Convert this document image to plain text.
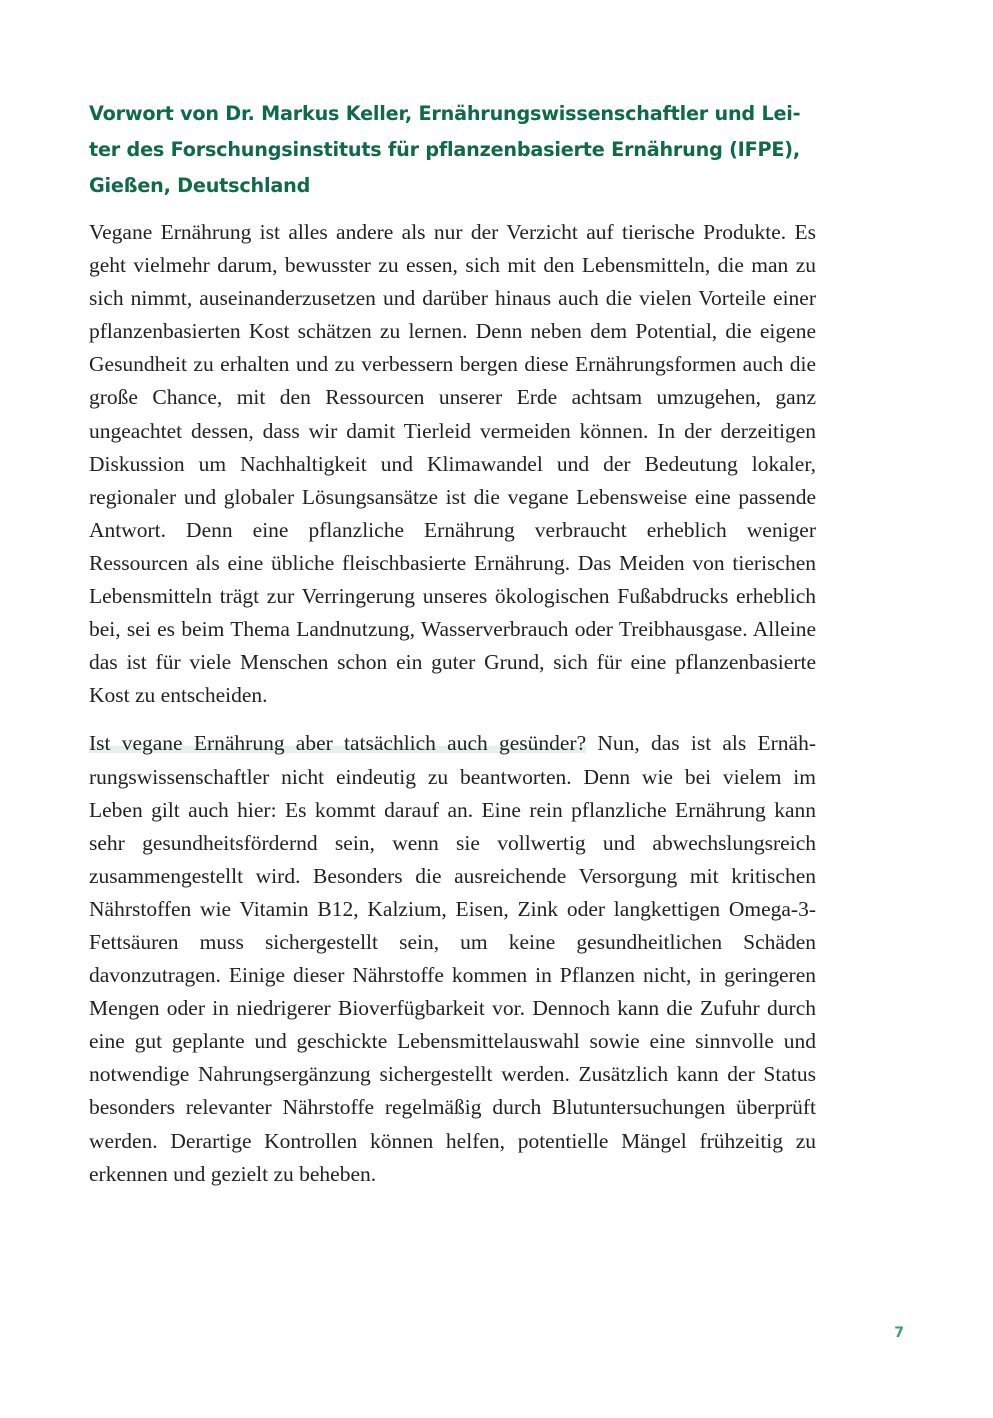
Vorwort von Dr. Markus Keller, Ernährungswissenschaftler und Leiter des Forschungsinstituts für pflanzenbasierte Ernährung (IFPE), Gießen, Deutschland

Vegane Ernährung ist alles andere als nur der Verzicht auf tierische Produkte. Es geht vielmehr darum, bewusster zu essen, sich mit den Lebensmitteln, die man zu sich nimmt, auseinanderzusetzen und darüber hinaus auch die vielen Vorteile einer pflanzenbasierten Kost schätzen zu lernen. Denn neben dem Potential, die eigene Gesundheit zu erhalten und zu verbessern bergen diese Ernährungsformen auch die große Chance, mit den Ressourcen unserer Erde achtsam umzugehen, ganz ungeachtet dessen, dass wir damit Tierleid vermeiden können. In der derzeitigen Diskussion um Nachhaltigkeit und Klimawandel und der Bedeutung lokaler, regionaler und globaler Lösungsansätze ist die vegane Lebensweise eine passende Antwort. Denn eine pflanzliche Ernährung verbraucht erheblich weniger Ressourcen als eine übliche fleischbasierte Ernährung. Das Meiden von tierischen Lebensmitteln trägt zur Verringerung unseres ökologischen Fußabdrucks erheblich bei, sei es beim Thema Landnutzung, Wasserverbrauch oder Treibhausgase. Alleine das ist für viele Menschen schon ein guter Grund, sich für eine pflanzenbasierte Kost zu entscheiden.

Ist vegane Ernährung aber tatsächlich auch gesünder? Nun, das ist als Ernährungswissenschaftler nicht eindeutig zu beantworten. Denn wie bei vielem im Leben gilt auch hier: Es kommt darauf an. Eine rein pflanzliche Ernährung kann sehr gesundheitsfördernd sein, wenn sie vollwertig und abwechslungsreich zusammengestellt wird. Besonders die ausreichende Versorgung mit kritischen Nährstoffen wie Vitamin B12, Kalzium, Eisen, Zink oder langkettigen Omega-3-Fettsäuren muss sichergestellt sein, um keine gesundheitlichen Schäden davonzutragen. Einige dieser Nährstoffe kommen in Pflanzen nicht, in geringeren Mengen oder in niedrigerer Bioverfügbarkeit vor. Dennoch kann die Zufuhr durch eine gut geplante und geschickte Lebensmittelauswahl sowie eine sinnvolle und notwendige Nahrungsergänzung sichergestellt werden. Zusätzlich kann der Status besonders relevanter Nährstoffe regelmäßig durch Blutuntersuchungen überprüft werden. Derartige Kontrollen können helfen, potentielle Mängel frühzeitig zu erkennen und gezielt zu beheben.

7
